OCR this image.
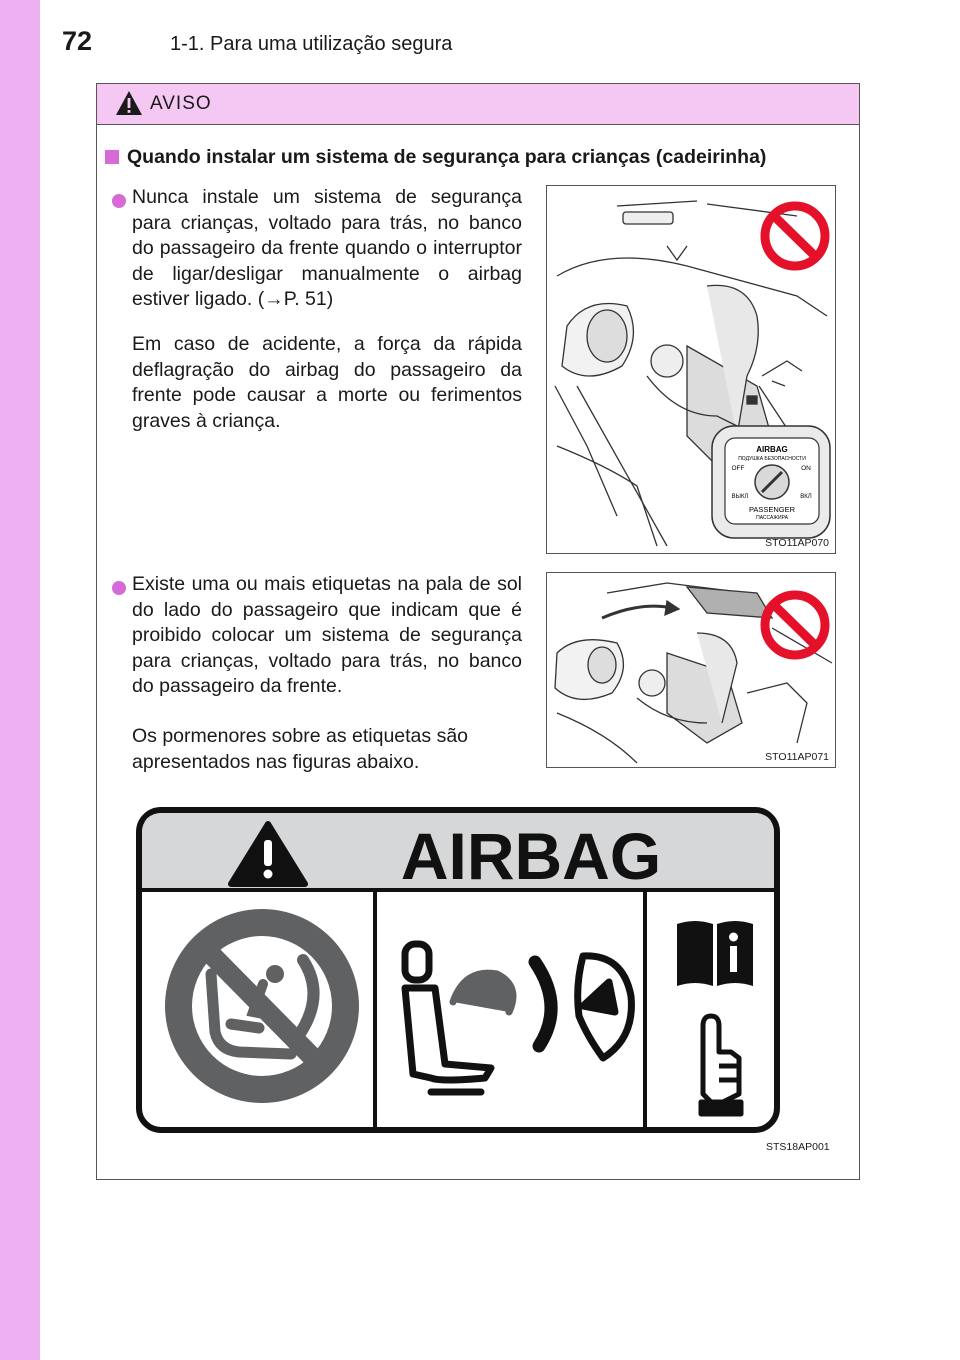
72	1-1. Para uma utilização segura
AVISO
Quando instalar um sistema de segurança para crianças (cadeirinha)
Nunca instale um sistema de segurança para crianças, voltado para trás, no banco do passageiro da frente quando o interruptor de ligar/desligar manualmente o airbag estiver ligado. (→P. 51)
Em caso de acidente, a força da rápida deflagração do airbag do passageiro da frente pode causar a morte ou ferimentos graves à criança.
AIRBAG
ПОДУШКА БЕЗОПАСНОСТИ
OFF	ON
ВЫКЛ	ВКЛ
PASSENGER
ПАССАЖИРА
STO11AP070
Existe uma ou mais etiquetas na pala de sol do lado do passageiro que indicam que é proibido colocar um sistema de segurança para crianças, voltado para trás, no banco do passageiro da frente.
Os pormenores sobre as etiquetas são apresentados nas figuras abaixo.	STO11AP071
AIRBAG
STS18AP001
